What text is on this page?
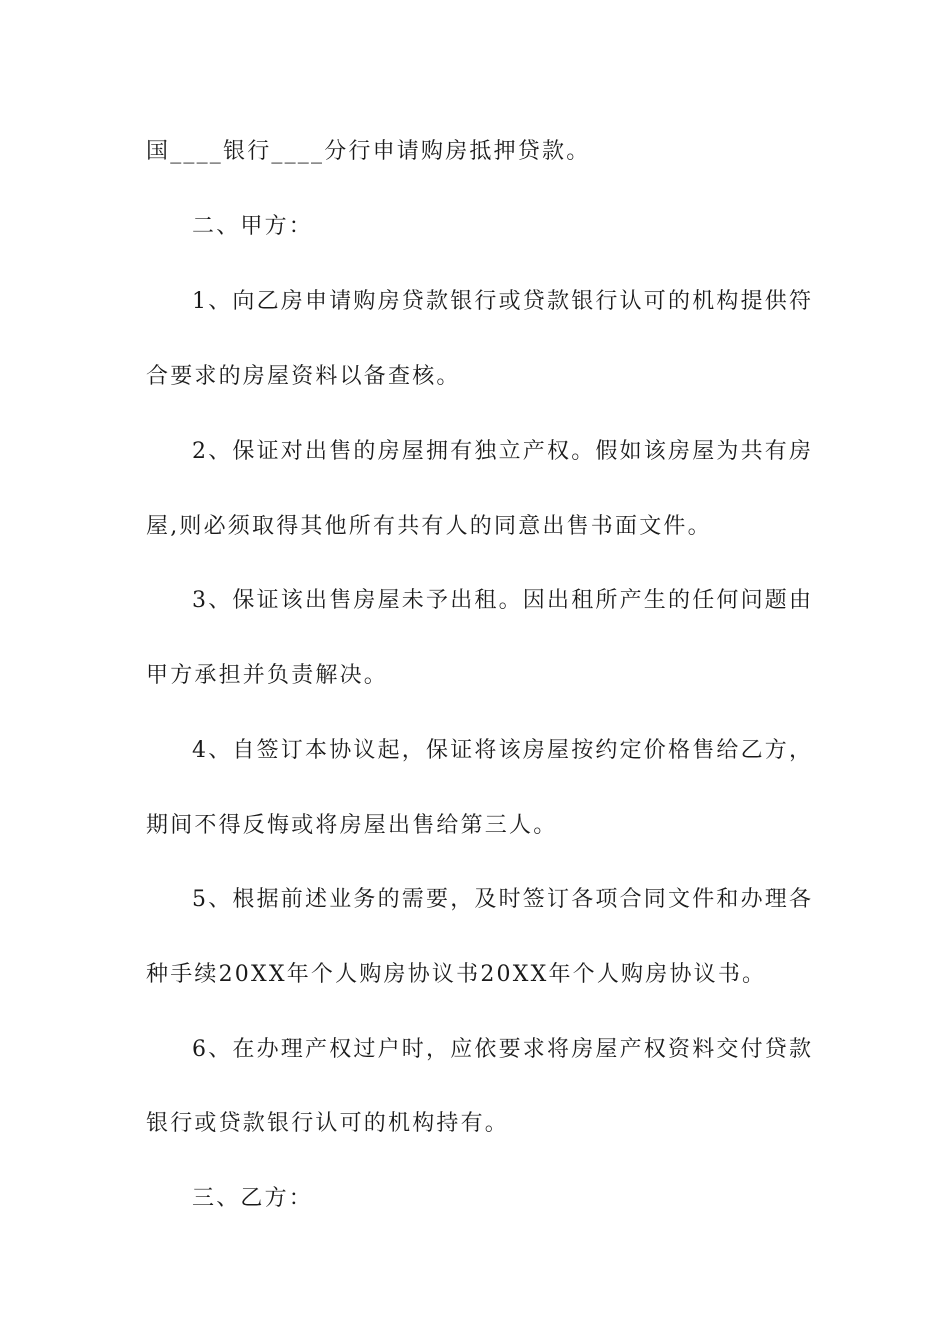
国____银行____分行申请购房抵押贷款。
二、甲方：
1、向乙房申请购房贷款银行或贷款银行认可的机构提供符
合要求的房屋资料以备查核。
2、保证对出售的房屋拥有独立产权。假如该房屋为共有房
屋,则必须取得其他所有共有人的同意出售书面文件。
3、保证该出售房屋未予出租。因出租所产生的任何问题由
甲方承担并负责解决。
4、自签订本协议起，保证将该房屋按约定价格售给乙方，
期间不得反悔或将房屋出售给第三人。
5、根据前述业务的需要，及时签订各项合同文件和办理各
种手续20XX年个人购房协议书20XX年个人购房协议书。
6、在办理产权过户时，应依要求将房屋产权资料交付贷款
银行或贷款银行认可的机构持有。
三、乙方：
